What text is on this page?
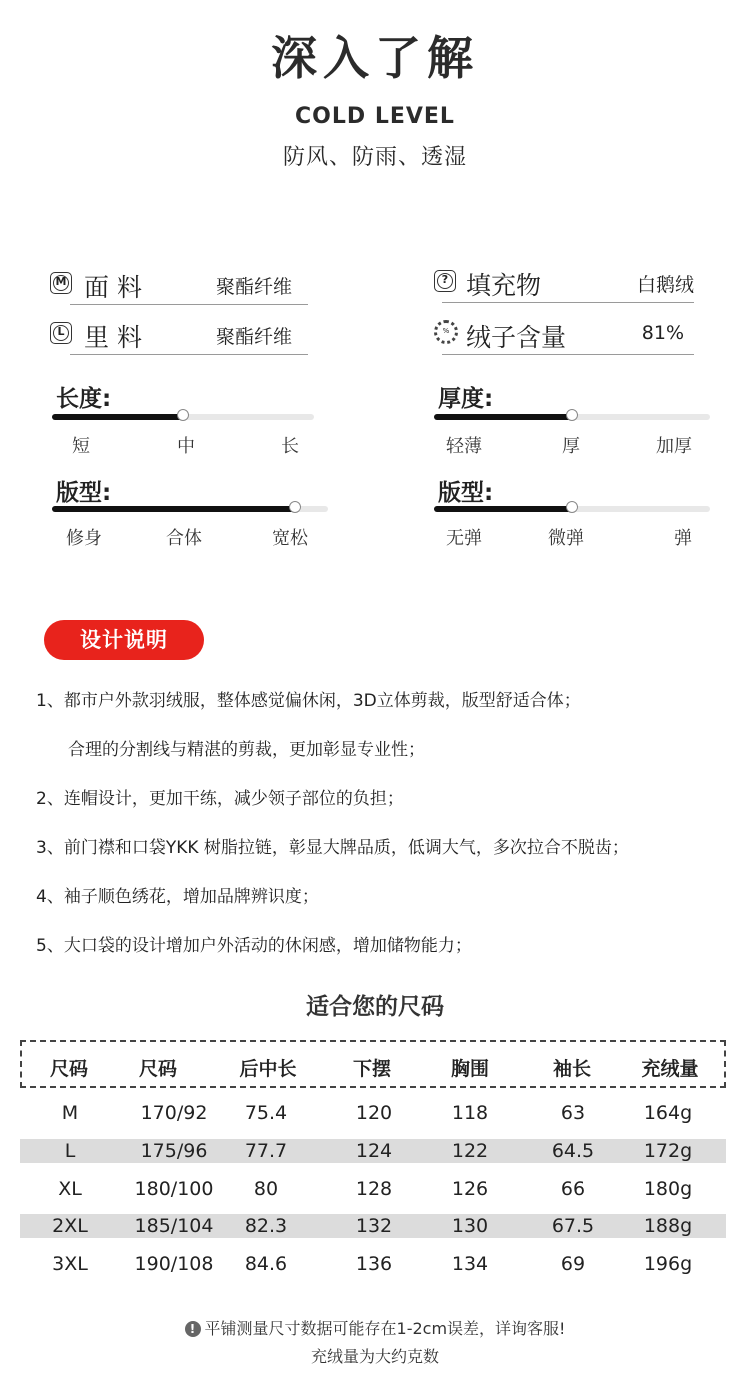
深入了解
COLD LEVEL
防风、防雨、透湿
M 面 料	聚酯纤维
L 里 料	聚酯纤维
? 填充物	白鹅绒
% 绒子含量	81%
长度:
短	中	长
厚度:
轻薄	厚	加厚
版型:
修身	合体	宽松
版型:
无弹	微弹	弹
设计说明
1、都市户外款羽绒服，整体感觉偏休闲，3D立体剪裁，版型舒适合体；
合理的分割线与精湛的剪裁，更加彰显专业性；
2、连帽设计，更加干练，减少领子部位的负担；
3、前门襟和口袋YKK 树脂拉链，彰显大牌品质，低调大气，多次拉合不脱齿；
4、袖子顺色绣花，增加品牌辨识度；
5、大口袋的设计增加户外活动的休闲感，增加储物能力；
适合您的尺码
尺码	尺码	后中长	下摆	胸围	袖长	充绒量
M	170/92	75.4	120	118	63	164g
L	175/96	77.7	124	122	64.5	172g
XL	180/100	80	128	126	66	180g
2XL	185/104	82.3	132	130	67.5	188g
3XL	190/108	84.6	136	134	69	196g
! 平铺测量尺寸数据可能存在1-2cm误差，详询客服!
充绒量为大约克数
